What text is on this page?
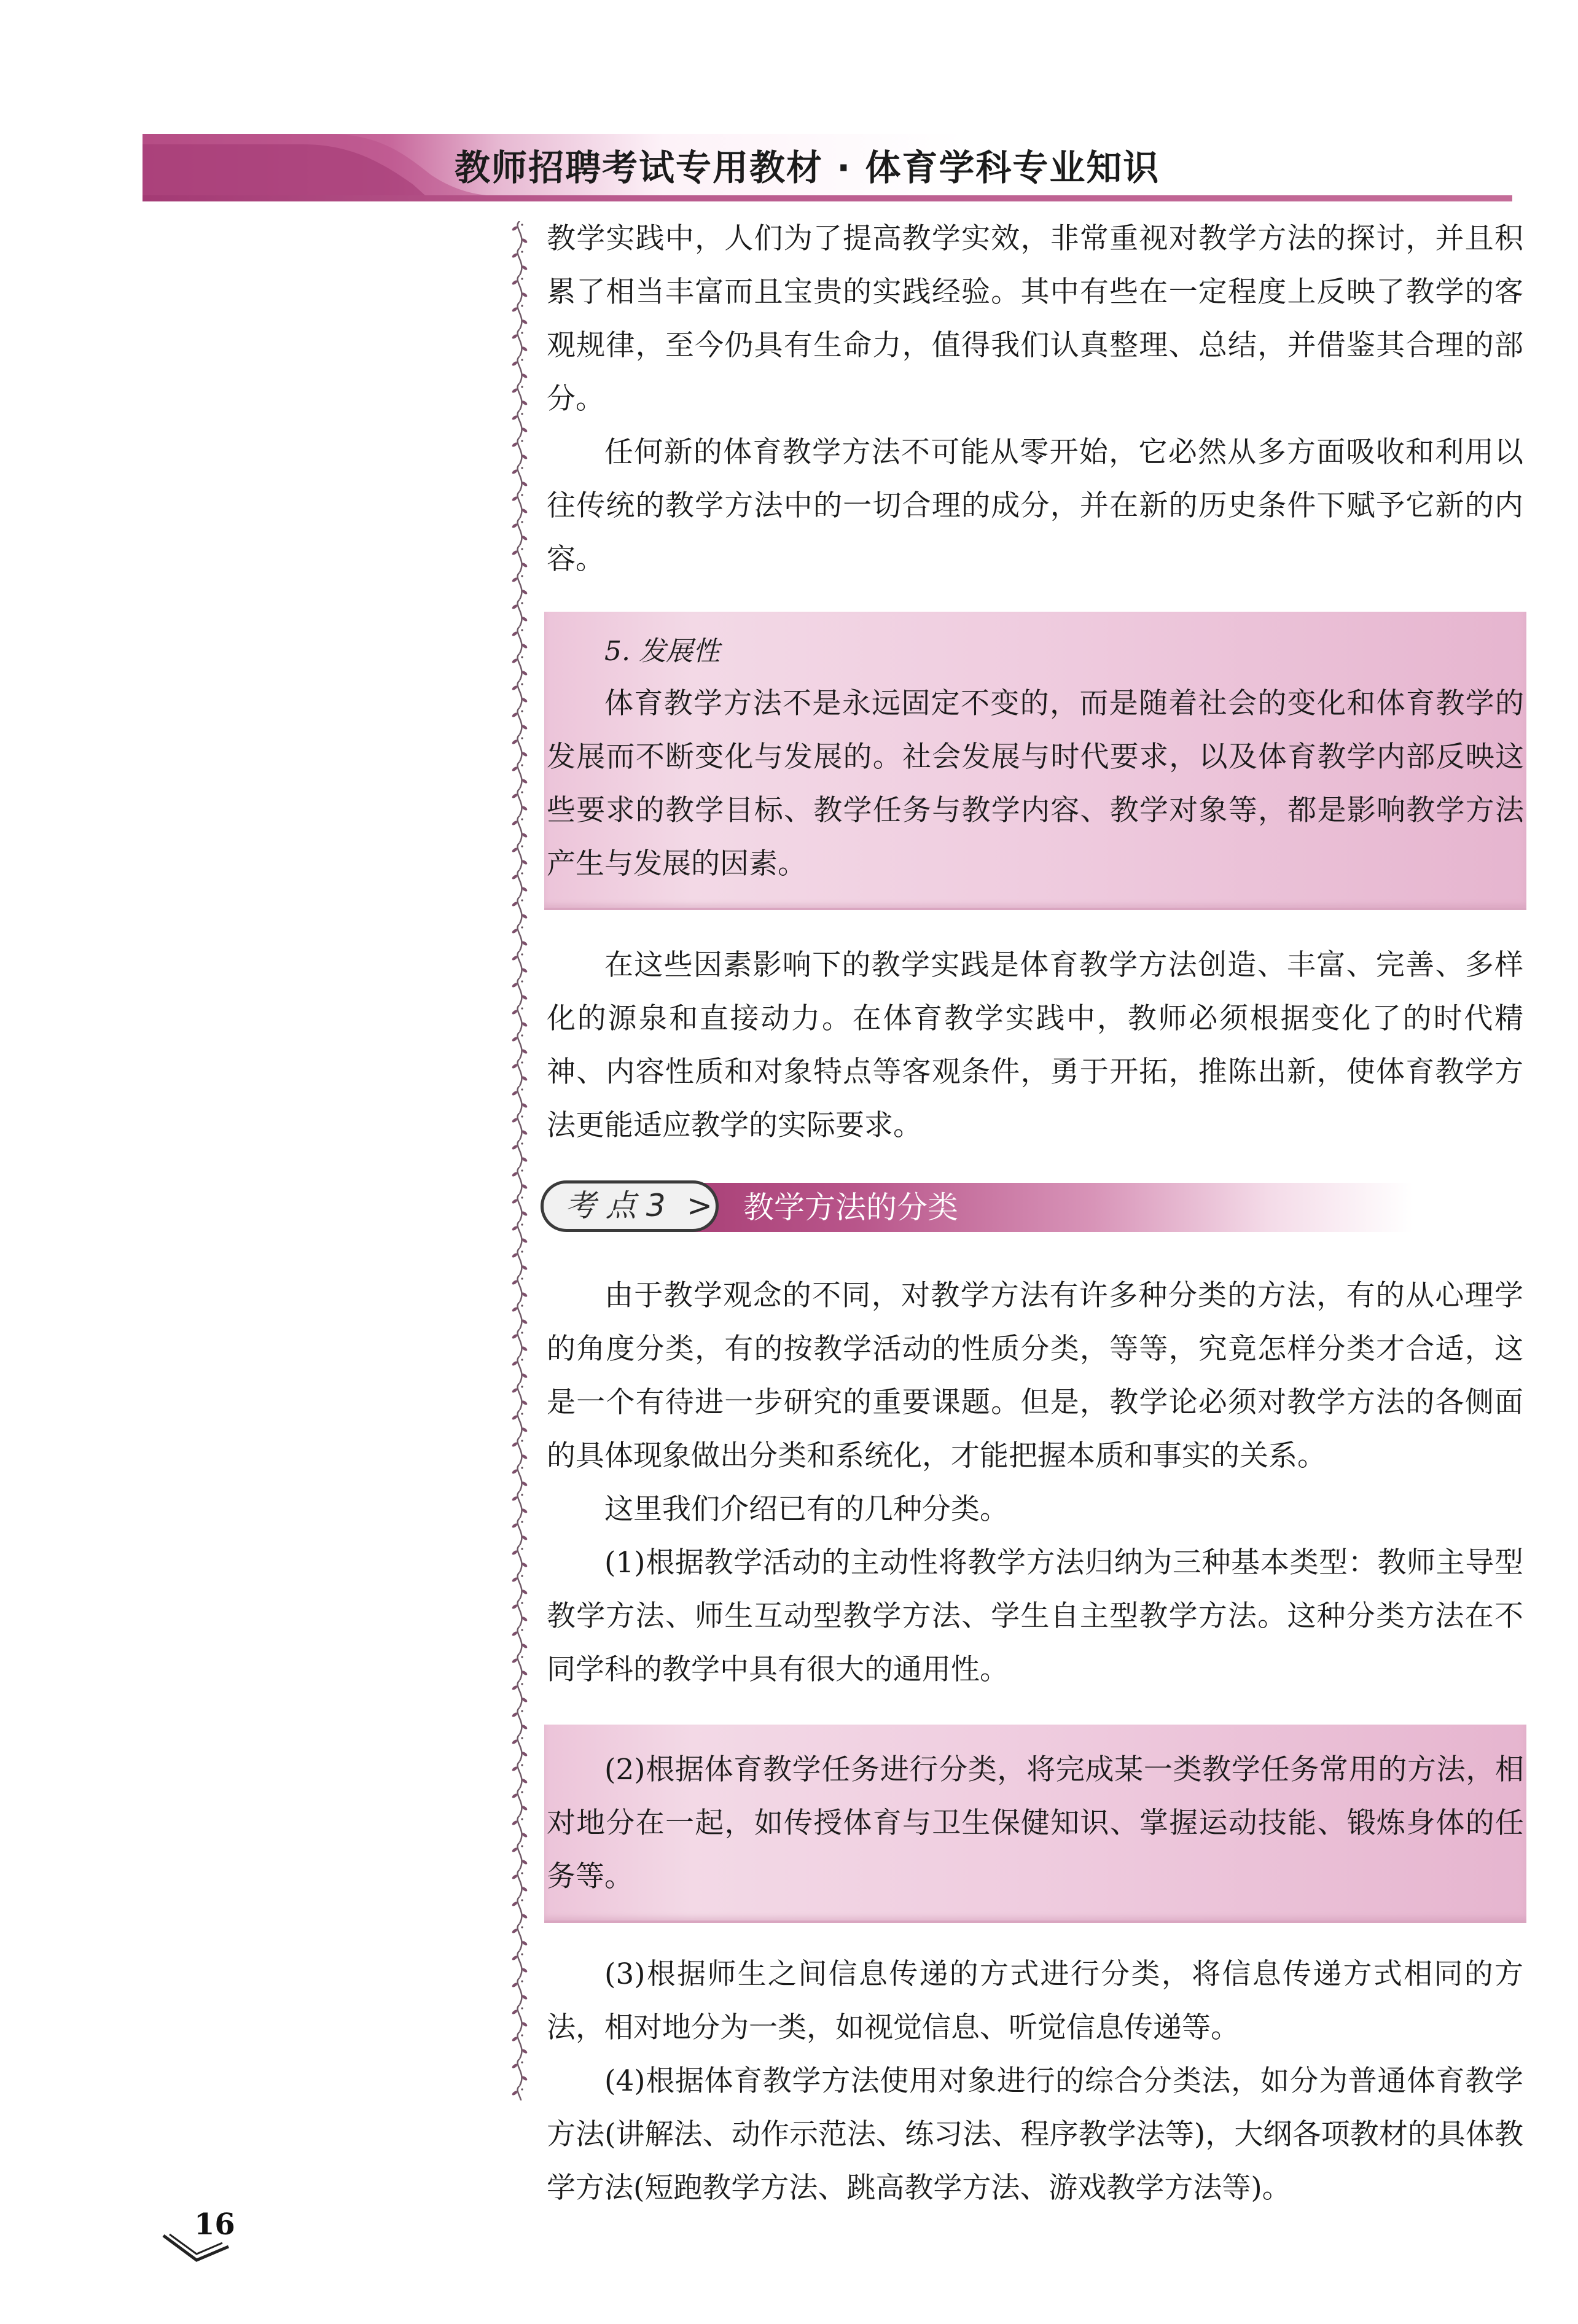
教师招聘考试专用教材 · 体育学科专业知识

教学实践中，人们为了提高教学实效，非常重视对教学方法的探讨，并且积累了相当丰富而且宝贵的实践经验。其中有些在一定程度上反映了教学的客观规律，至今仍具有生命力，值得我们认真整理、总结，并借鉴其合理的部分。

任何新的体育教学方法不可能从零开始，它必然从多方面吸收和利用以往传统的教学方法中的一切合理的成分，并在新的历史条件下赋予它新的内容。

5. 发展性

体育教学方法不是永远固定不变的，而是随着社会的变化和体育教学的发展而不断变化与发展的。社会发展与时代要求，以及体育教学内部反映这些要求的教学目标、教学任务与教学内容、教学对象等，都是影响教学方法产生与发展的因素。

在这些因素影响下的教学实践是体育教学方法创造、丰富、完善、多样化的源泉和直接动力。在体育教学实践中，教师必须根据变化了的时代精神、内容性质和对象特点等客观条件，勇于开拓，推陈出新，使体育教学方法更能适应教学的实际要求。

考 点 3 > 教学方法的分类

由于教学观念的不同，对教学方法有许多种分类的方法，有的从心理学的角度分类，有的按教学活动的性质分类，等等，究竟怎样分类才合适，这是一个有待进一步研究的重要课题。但是，教学论必须对教学方法的各侧面的具体现象做出分类和系统化，才能把握本质和事实的关系。

这里我们介绍已有的几种分类。

(1)根据教学活动的主动性将教学方法归纳为三种基本类型：教师主导型教学方法、师生互动型教学方法、学生自主型教学方法。这种分类方法在不同学科的教学中具有很大的通用性。

(2)根据体育教学任务进行分类，将完成某一类教学任务常用的方法，相对地分在一起，如传授体育与卫生保健知识、掌握运动技能、锻炼身体的任务等。

(3)根据师生之间信息传递的方式进行分类，将信息传递方式相同的方法，相对地分为一类，如视觉信息、听觉信息传递等。

(4)根据体育教学方法使用对象进行的综合分类法，如分为普通体育教学方法(讲解法、动作示范法、练习法、程序教学法等)，大纲各项教材的具体教学方法(短跑教学方法、跳高教学方法、游戏教学方法等)。

16
